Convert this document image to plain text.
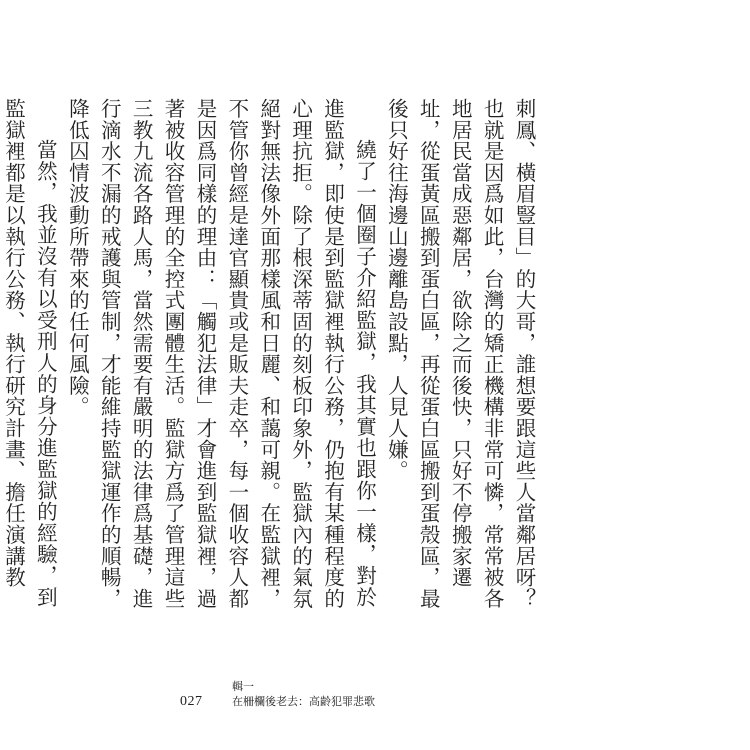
刺鳳、橫眉豎目」的大哥，誰想要跟這些人當鄰居呀？也就是因爲如此，台灣的矯正機構非常可憐，常常被各地居民當成惡鄰居，欲除之而後快，只好不停搬家遷址，從蛋黃區搬到蛋白區，再從蛋白區搬到蛋殼區，最後只好往海邊山邊離島設點，人見人嫌。

繞了一個圈子介紹監獄，我其實也跟你一樣，對於進監獄，即使是到監獄裡執行公務，仍抱有某種程度的心理抗拒。除了根深蒂固的刻板印象外，監獄內的氣氛絕對無法像外面那樣風和日麗、和藹可親。在監獄裡，不管你曾經是達官顯貴或是販夫走卒，每一個收容人都是因爲同樣的理由：「觸犯法律」才會進到監獄裡，過著被收容管理的全控式團體生活。監獄方爲了管理這些三教九流各路人馬，當然需要有嚴明的法律爲基礎，進行滴水不漏的戒護與管制，才能維持監獄運作的順暢，降低囚情波動所帶來的任何風險。

當然，我並沒有以受刑人的身分進監獄的經驗，到監獄裡都是以執行公務、執行研究計畫、擔任演講教

027
輯一
在柵欄後老去：高齡犯罪悲歌
